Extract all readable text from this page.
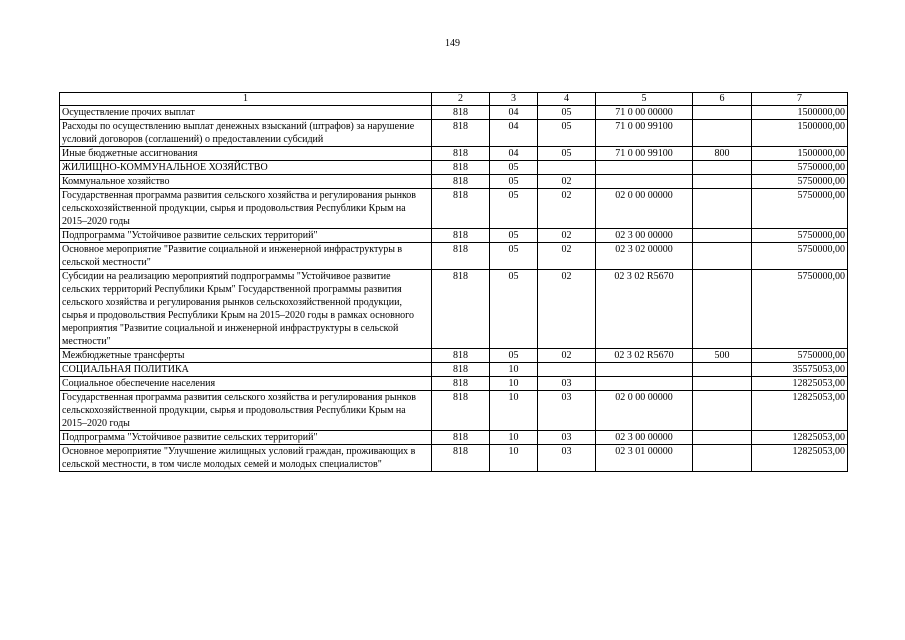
149
1	2	3	4	5	6	7
Осуществление прочих выплат	818	04	05	71 0 00 00000		1500000,00
Расходы по осуществлению выплат денежных взысканий (штрафов) за нарушение условий договоров (соглашений) о предоставлении субсидий	818	04	05	71 0 00 99100		1500000,00
Иные бюджетные ассигнования	818	04	05	71 0 00 99100	800	1500000,00
ЖИЛИЩНО-КОММУНАЛЬНОЕ ХОЗЯЙСТВО	818	05				5750000,00
Коммунальное хозяйство	818	05	02			5750000,00
Государственная программа развития сельского хозяйства и регулирования рынков сельскохозяйственной продукции, сырья и продовольствия Республики Крым на 2015–2020 годы	818	05	02	02 0 00 00000		5750000,00
Подпрограмма "Устойчивое развитие сельских территорий"	818	05	02	02 3 00 00000		5750000,00
Основное мероприятие "Развитие социальной и инженерной инфраструктуры в сельской местности"	818	05	02	02 3 02 00000		5750000,00
Субсидии на реализацию мероприятий подпрограммы "Устойчивое развитие сельских территорий Республики Крым" Государственной программы развития сельского хозяйства и регулирования рынков сельскохозяйственной продукции, сырья и продовольствия Республики Крым на 2015–2020 годы в рамках основного мероприятия "Развитие социальной и инженерной инфраструктуры в сельской местности"	818	05	02	02 3 02 R5670		5750000,00
Межбюджетные трансферты	818	05	02	02 3 02 R5670	500	5750000,00
СОЦИАЛЬНАЯ ПОЛИТИКА	818	10				35575053,00
Социальное обеспечение населения	818	10	03			12825053,00
Государственная программа развития сельского хозяйства и регулирования рынков сельскохозяйственной продукции, сырья и продовольствия Республики Крым на 2015–2020 годы	818	10	03	02 0 00 00000		12825053,00
Подпрограмма "Устойчивое развитие сельских территорий"	818	10	03	02 3 00 00000		12825053,00
Основное мероприятие "Улучшение жилищных условий граждан, проживающих в сельской местности, в том числе молодых семей и молодых специалистов"	818	10	03	02 3 01 00000		12825053,00
